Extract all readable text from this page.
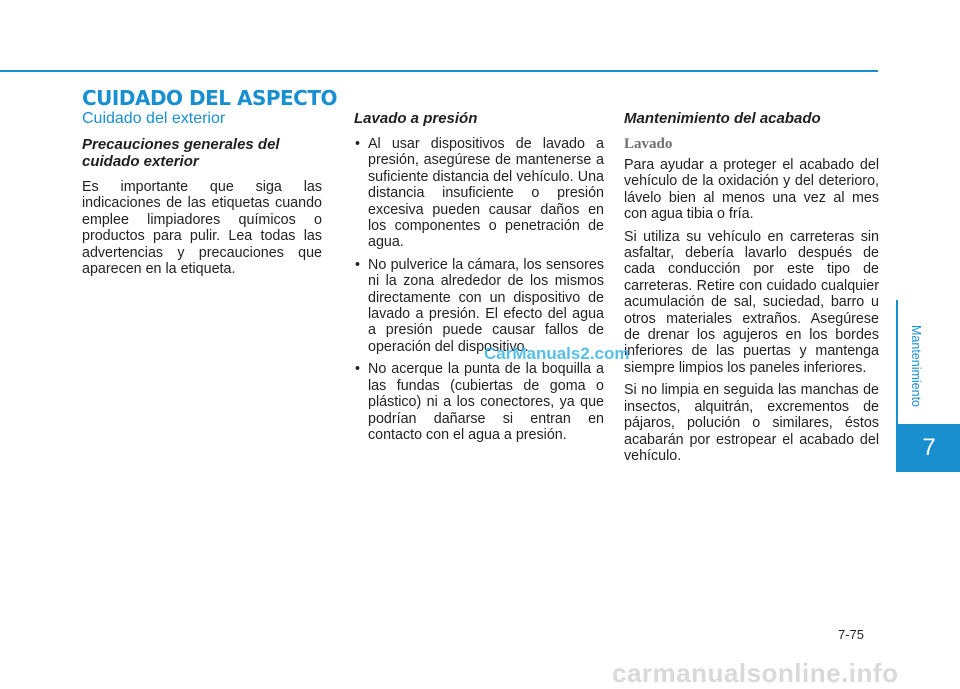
CUIDADO DEL ASPECTO
Cuidado del exterior
Precauciones generales del cuidado exterior

Es importante que siga las indicaciones de las etiquetas cuando emplee limpiadores químicos o productos para pulir. Lea todas las advertencias y precauciones que aparecen en la etiqueta.

Lavado a presión
• Al usar dispositivos de lavado a presión, asegúrese de mantenerse a suficiente distancia del vehículo. Una distancia insuficiente o presión excesiva pueden causar daños en los componentes o penetración de agua.
• No pulverice la cámara, los sensores ni la zona alrededor de los mismos directamente con un dispositivo de lavado a presión. El efecto del agua a presión puede causar fallos de operación del dispositivo.
• No acerque la punta de la boquilla a las fundas (cubiertas de goma o plástico) ni a los conectores, ya que podrían dañarse si entran en contacto con el agua a presión.
Mantenimiento del acabado
Lavado

Para ayudar a proteger el acabado del vehículo de la oxidación y del deterioro, lávelo bien al menos una vez al mes con agua tibia o fría.

Si utiliza su vehículo en carreteras sin asfaltar, debería lavarlo después de cada conducción por este tipo de carreteras. Retire con cuidado cualquier acumulación de sal, suciedad, barro u otros materiales extraños. Asegúrese de drenar los agujeros en los bordes inferiores de las puertas y mantenga siempre limpios los paneles inferiores.

Si no limpia en seguida las manchas de insectos, alquitrán, excrementos de pájaros, polución o similares, éstos acabarán por estropear el acabado del vehículo.

CarManuals2.com	Mantenimiento
7
7-75
carmanualsonline.info
